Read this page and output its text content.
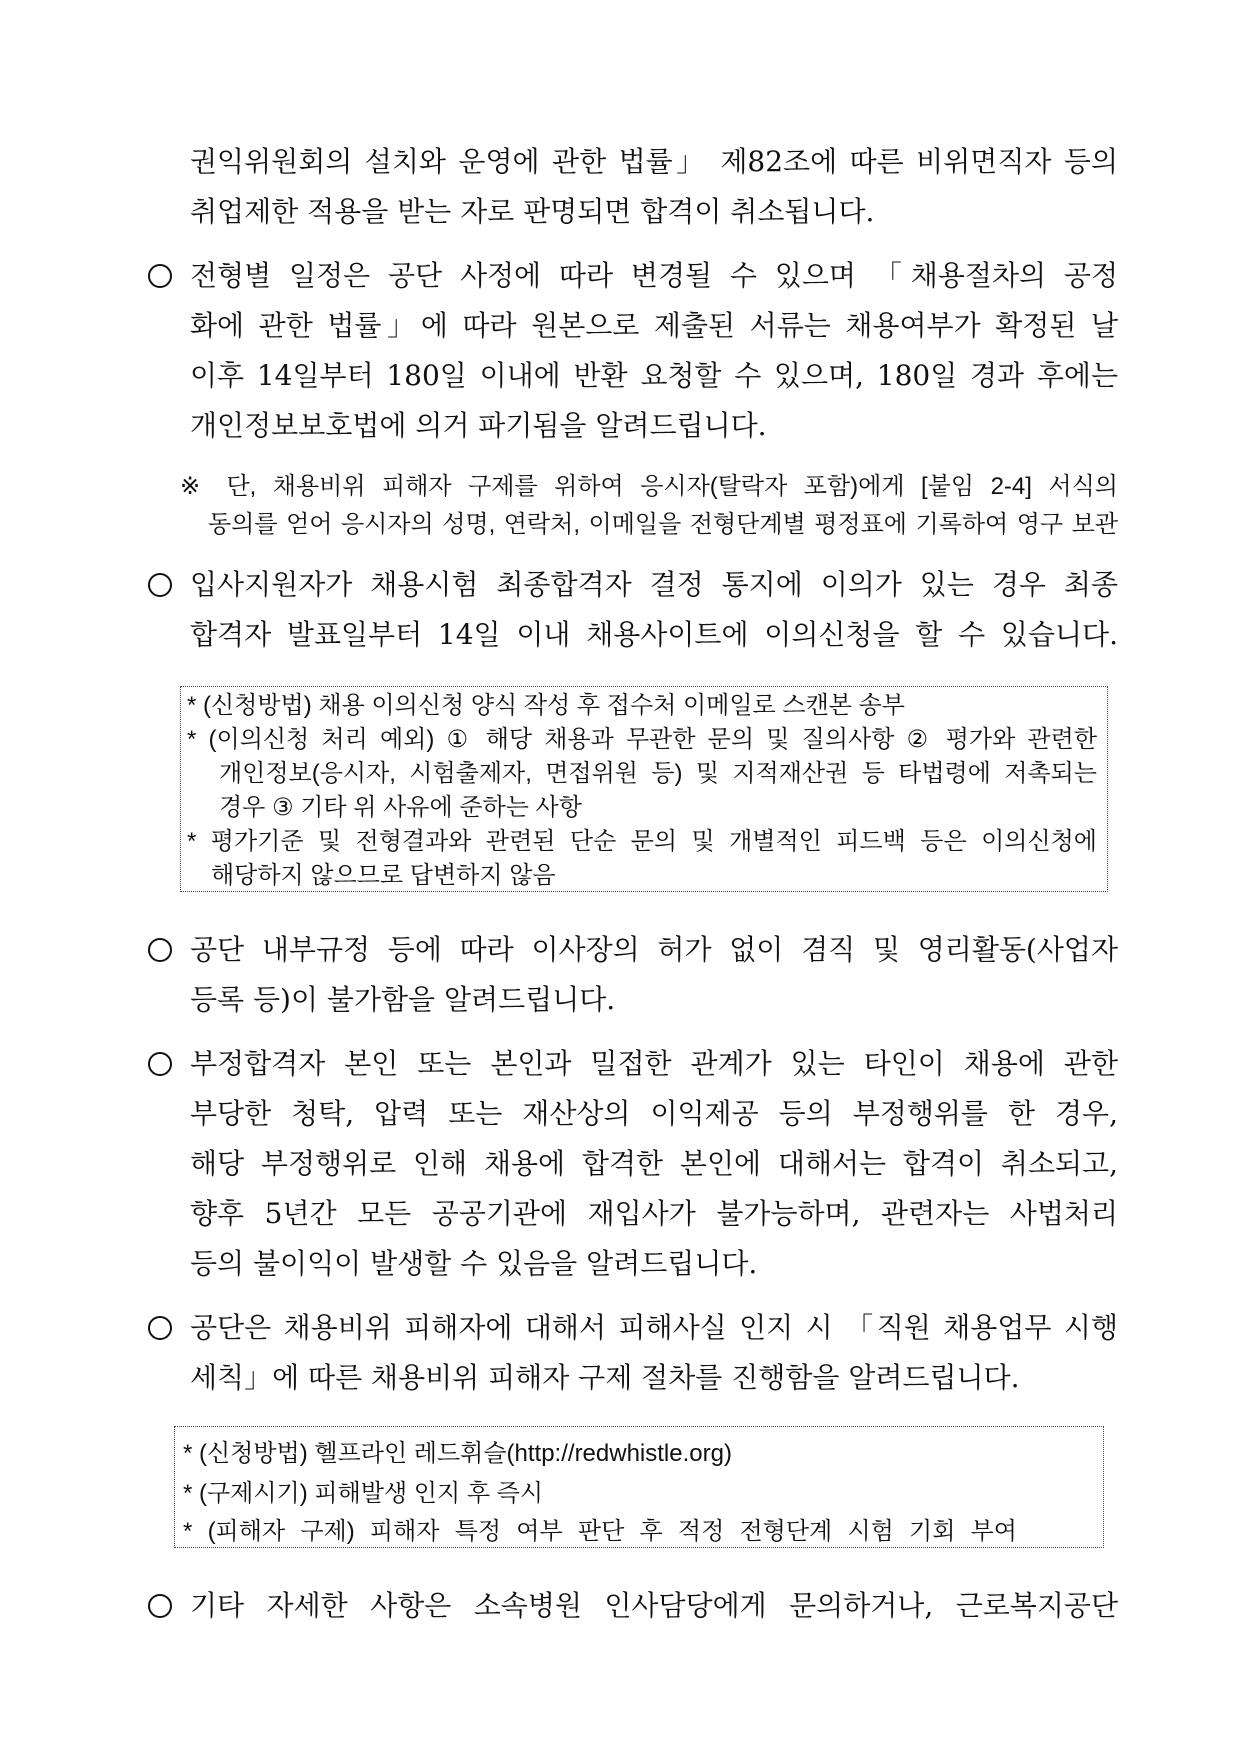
권익위원회의 설치와 운영에 관한 법률」 제82조에 따른 비위면직자 등의
취업제한 적용을 받는 자로 판명되면 합격이 취소됩니다.
전형별 일정은 공단 사정에 따라 변경될 수 있으며 「채용절차의 공정
화에 관한 법률」에 따라 원본으로 제출된 서류는 채용여부가 확정된 날
이후 14일부터 180일 이내에 반환 요청할 수 있으며, 180일 경과 후에는
개인정보보호법에 의거 파기됨을 알려드립니다.
※ 단, 채용비위 피해자 구제를 위하여 응시자(탈락자 포함)에게 [붙임 2-4] 서식의
동의를 얻어 응시자의 성명, 연락처, 이메일을 전형단계별 평정표에 기록하여 영구 보관
입사지원자가 채용시험 최종합격자 결정 통지에 이의가 있는 경우 최종
합격자 발표일부터 14일 이내 채용사이트에 이의신청을 할 수 있습니다.
* (신청방법) 채용 이의신청 양식 작성 후 접수처 이메일로 스캔본 송부
* (이의신청 처리 예외) ① 해당 채용과 무관한 문의 및 질의사항 ② 평가와 관련한
개인정보(응시자, 시험출제자, 면접위원 등) 및 지적재산권 등 타법령에 저촉되는
경우 ③ 기타 위 사유에 준하는 사항
* 평가기준 및 전형결과와 관련된 단순 문의 및 개별적인 피드백 등은 이의신청에
해당하지 않으므로 답변하지 않음
공단 내부규정 등에 따라 이사장의 허가 없이 겸직 및 영리활동(사업자
등록 등)이 불가함을 알려드립니다.
부정합격자 본인 또는 본인과 밀접한 관계가 있는 타인이 채용에 관한
부당한 청탁, 압력 또는 재산상의 이익제공 등의 부정행위를 한 경우,
해당 부정행위로 인해 채용에 합격한 본인에 대해서는 합격이 취소되고,
향후 5년간 모든 공공기관에 재입사가 불가능하며, 관련자는 사법처리
등의 불이익이 발생할 수 있음을 알려드립니다.
공단은 채용비위 피해자에 대해서 피해사실 인지 시 「직원 채용업무 시행
세칙」에 따른 채용비위 피해자 구제 절차를 진행함을 알려드립니다.
* (신청방법) 헬프라인 레드휘슬(http://redwhistle.org)
* (구제시기) 피해발생 인지 후 즉시
* (피해자 구제) 피해자 특정 여부 판단 후 적정 전형단계 시험 기회 부여
기타 자세한 사항은 소속병원 인사담당에게 문의하거나, 근로복지공단
